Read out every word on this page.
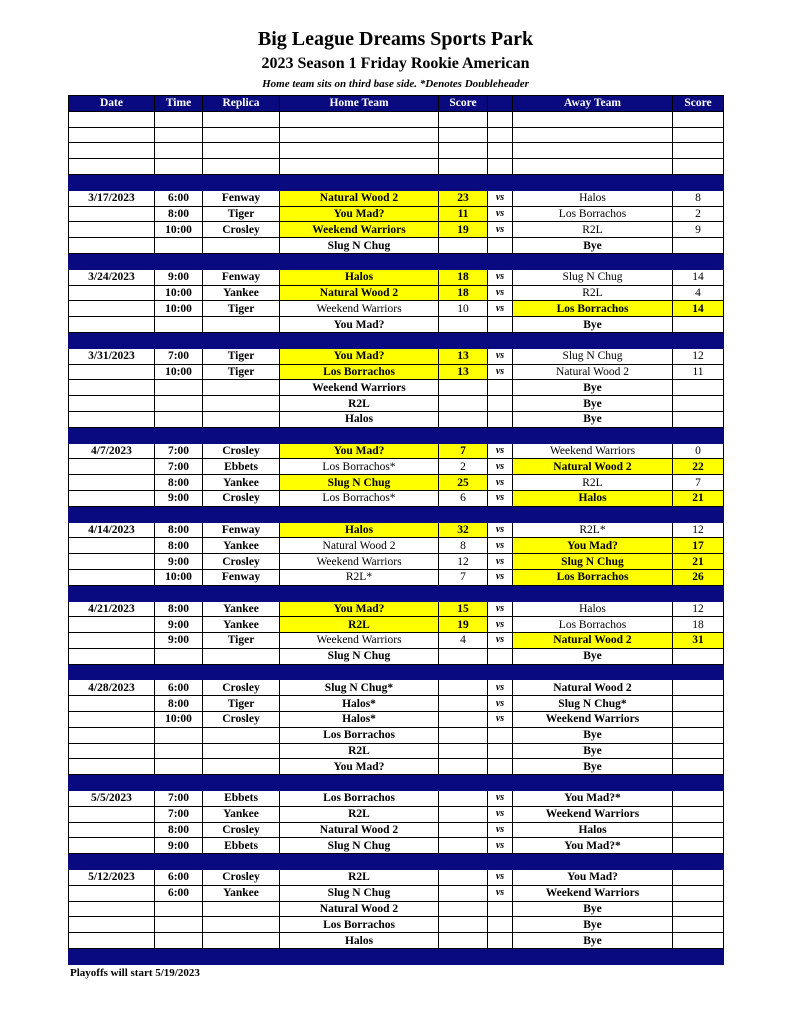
Big League Dreams Sports Park
2023 Season 1 Friday Rookie American
Home team sits on third base side. *Denotes Doubleheader
Date	Time	Replica	Home Team	Score		Away Team	Score

3/17/2023	6:00	Fenway	Natural Wood 2	23	vs	Halos	8
	8:00	Tiger	You Mad?	11	vs	Los Borrachos	2
	10:00	Crosley	Weekend Warriors	19	vs	R2L	9
			Slug N Chug			Bye	

3/24/2023	9:00	Fenway	Halos	18	vs	Slug N Chug	14
	10:00	Yankee	Natural Wood 2	18	vs	R2L	4
	10:00	Tiger	Weekend Warriors	10	vs	Los Borrachos	14
			You Mad?			Bye	

3/31/2023	7:00	Tiger	You Mad?	13	vs	Slug N Chug	12
	10:00	Tiger	Los Borrachos	13	vs	Natural Wood 2	11
			Weekend Warriors			Bye	
			R2L			Bye	
			Halos			Bye	

4/7/2023	7:00	Crosley	You Mad?	7	vs	Weekend Warriors	0
	7:00	Ebbets	Los Borrachos*	2	vs	Natural Wood 2	22
	8:00	Yankee	Slug N Chug	25	vs	R2L	7
	9:00	Crosley	Los Borrachos*	6	vs	Halos	21

4/14/2023	8:00	Fenway	Halos	32	vs	R2L*	12
	8:00	Yankee	Natural Wood 2	8	vs	You Mad?	17
	9:00	Crosley	Weekend Warriors	12	vs	Slug N Chug	21
	10:00	Fenway	R2L*	7	vs	Los Borrachos	26

4/21/2023	8:00	Yankee	You Mad?	15	vs	Halos	12
	9:00	Yankee	R2L	19	vs	Los Borrachos	18
	9:00	Tiger	Weekend Warriors	4	vs	Natural Wood 2	31
			Slug N Chug			Bye	

4/28/2023	6:00	Crosley	Slug N Chug*		vs	Natural Wood 2	
	8:00	Tiger	Halos*		vs	Slug N Chug*	
	10:00	Crosley	Halos*		vs	Weekend Warriors	
			Los Borrachos			Bye	
			R2L			Bye	
			You Mad?			Bye	

5/5/2023	7:00	Ebbets	Los Borrachos		vs	You Mad?*	
	7:00	Yankee	R2L		vs	Weekend Warriors	
	8:00	Crosley	Natural Wood 2		vs	Halos	
	9:00	Ebbets	Slug N Chug		vs	You Mad?*	

5/12/2023	6:00	Crosley	R2L		vs	You Mad?	
	6:00	Yankee	Slug N Chug		vs	Weekend Warriors	
			Natural Wood 2			Bye	
			Los Borrachos			Bye	
			Halos			Bye	

Playoffs will start 5/19/2023
